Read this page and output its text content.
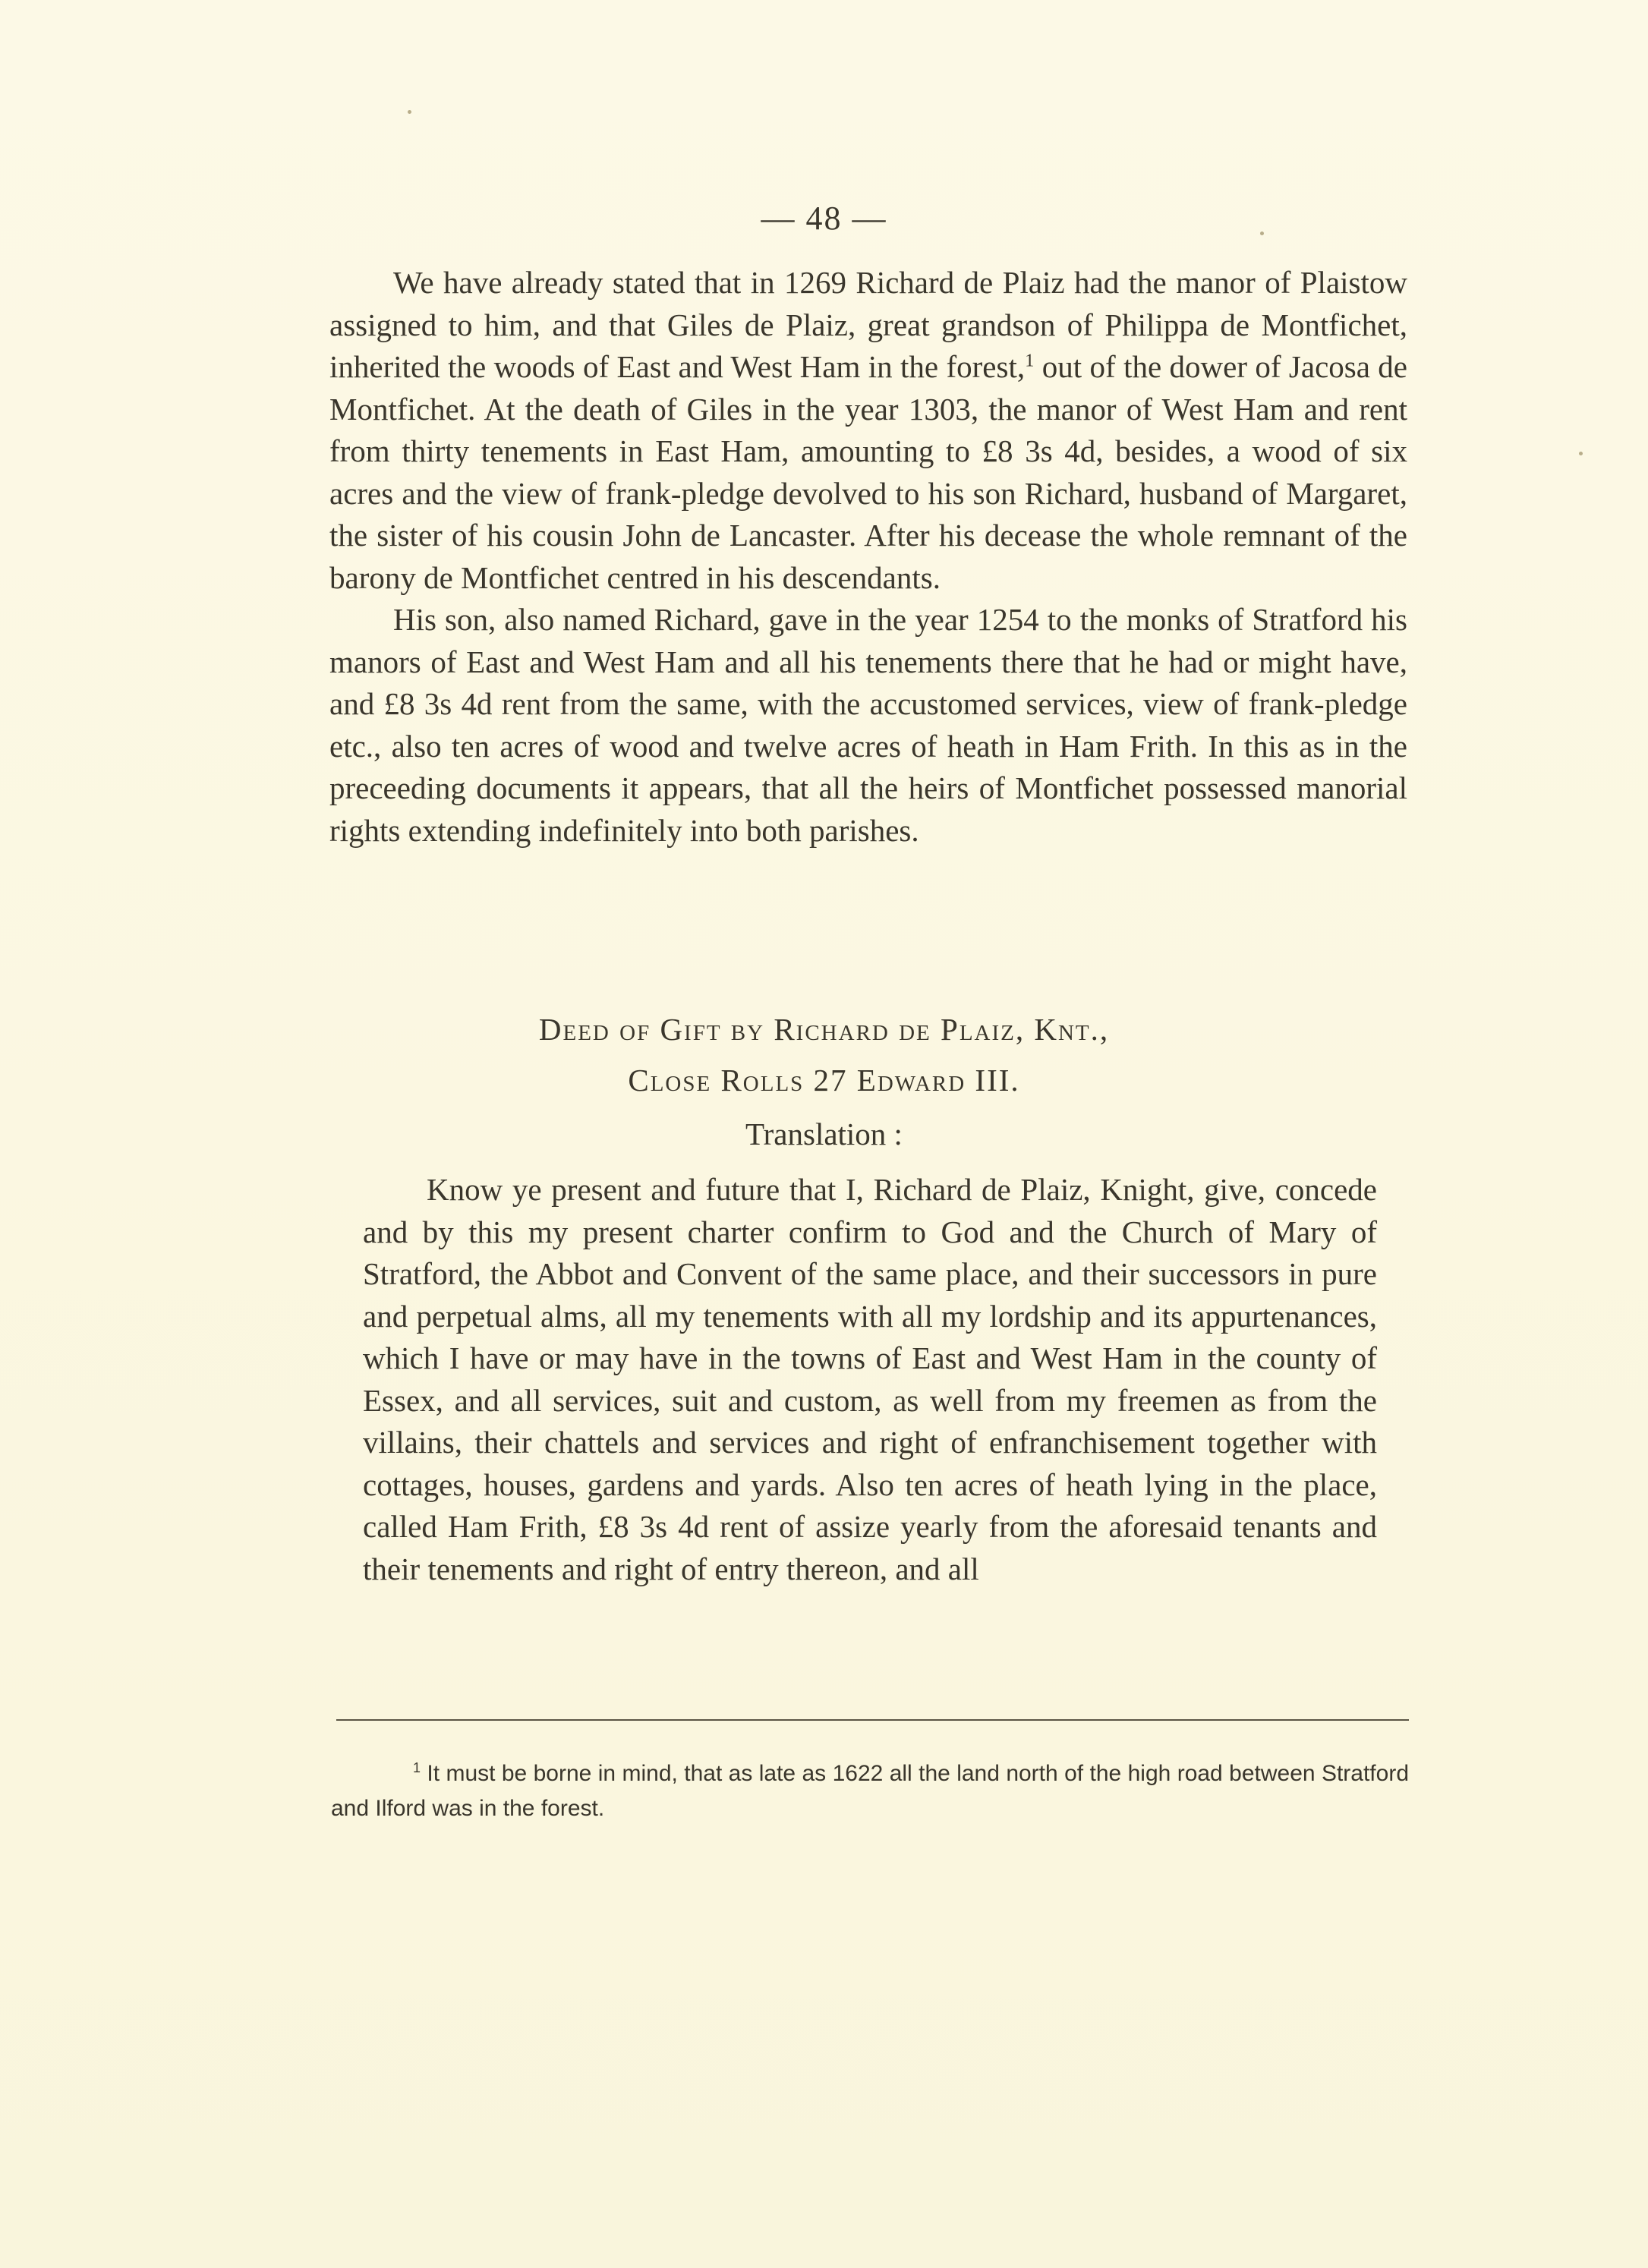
— 48 —

We have already stated that in 1269 Richard de Plaiz had the manor of Plaistow assigned to him, and that Giles de Plaiz, great grandson of Philippa de Montfichet, inherited the woods of East and West Ham in the forest,$^1$ out of the dower of Jacosa de Montfichet. At the death of Giles in the year 1303, the manor of West Ham and rent from thirty tenements in East Ham, amounting to £8 3s 4d, besides, a wood of six acres and the view of frank-pledge devolved to his son Richard, husband of Margaret, the sister of his cousin John de Lancaster. After his decease the whole remnant of the barony de Montfichet centred in his descendants.

His son, also named Richard, gave in the year 1254 to the monks of Stratford his manors of East and West Ham and all his tenements there that he had or might have, and £8 3s 4d rent from the same, with the accustomed services, view of frank-pledge etc., also ten acres of wood and twelve acres of heath in Ham Frith. In this as in the preceeding documents it appears, that all the heirs of Montfichet possessed manorial rights extending indefinitely into both parishes.

Deed of Gift by Richard de Plaiz, Knt.,
Close Rolls 27 Edward III.
Translation :
Know ye present and future that I, Richard de Plaiz, Knight, give, concede and by this my present charter confirm to God and the Church of Mary of Stratford, the Abbot and Convent of the same place, and their successors in pure and perpetual alms, all my tenements with all my lordship and its appurtenances, which I have or may have in the towns of East and West Ham in the county of Essex, and all services, suit and custom, as well from my freemen as from the villains, their chattels and services and right of enfranchisement together with cottages, houses, gardens and yards. Also ten acres of heath lying in the place, called Ham Frith, £8 3s 4d rent of assize yearly from the aforesaid tenants and their tenements and right of entry thereon, and all
$^1$ It must be borne in mind, that as late as 1622 all the land north of the high road between Stratford and Ilford was in the forest.
